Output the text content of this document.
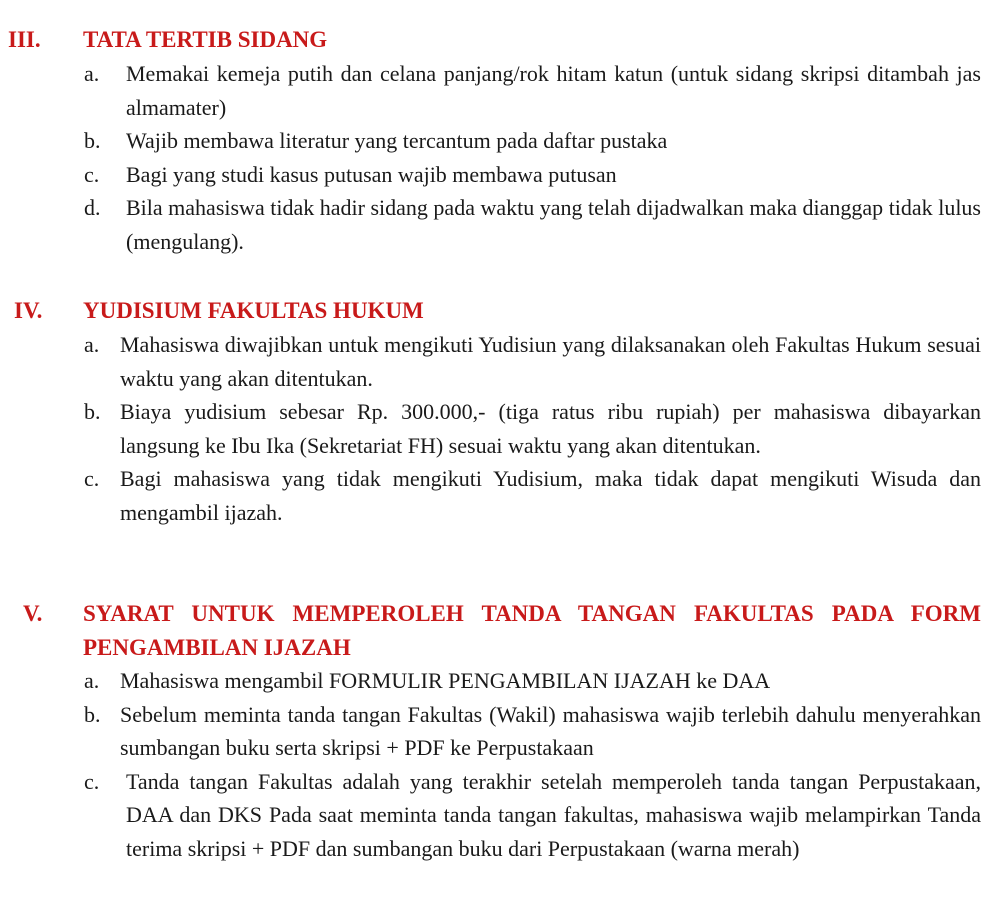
III. TATA TERTIB SIDANG
a. Memakai kemeja putih dan celana panjang/rok hitam katun (untuk sidang skripsi ditambah jas almamater)
b. Wajib membawa literatur yang tercantum pada daftar pustaka
c. Bagi yang studi kasus putusan wajib membawa putusan
d. Bila mahasiswa tidak hadir sidang pada waktu yang telah dijadwalkan maka dianggap tidak lulus (mengulang).
IV. YUDISIUM FAKULTAS HUKUM
a. Mahasiswa diwajibkan untuk mengikuti Yudisiun yang dilaksanakan oleh Fakultas Hukum sesuai waktu yang akan ditentukan.
b. Biaya yudisium sebesar Rp. 300.000,- (tiga ratus ribu rupiah) per mahasiswa dibayarkan langsung ke Ibu Ika (Sekretariat FH) sesuai waktu yang akan ditentukan.
c. Bagi mahasiswa yang tidak mengikuti Yudisium, maka tidak dapat mengikuti Wisuda dan mengambil ijazah.
V. SYARAT UNTUK MEMPEROLEH TANDA TANGAN FAKULTAS PADA FORM PENGAMBILAN IJAZAH
a. Mahasiswa mengambil FORMULIR PENGAMBILAN IJAZAH ke DAA
b. Sebelum meminta tanda tangan Fakultas (Wakil) mahasiswa wajib terlebih dahulu menyerahkan sumbangan buku serta skripsi + PDF ke Perpustakaan
c. Tanda tangan Fakultas adalah yang terakhir setelah memperoleh tanda tangan Perpustakaan, DAA dan DKS Pada saat meminta tanda tangan fakultas, mahasiswa wajib melampirkan Tanda terima skripsi + PDF dan sumbangan buku dari Perpustakaan (warna merah)
